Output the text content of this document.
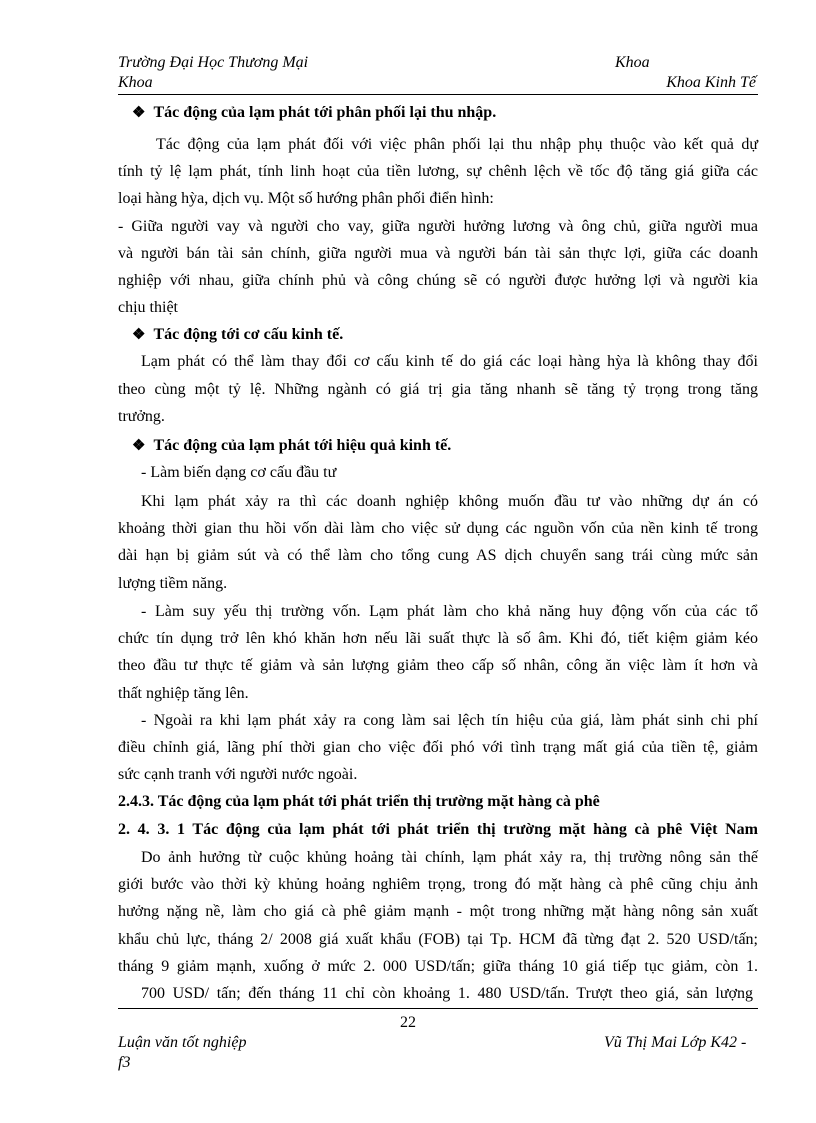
Trường Đại Học Thương Mại	Khoa
Khoa	Khoa Kinh Tế
❖ Tác động của lạm phát tới phân phối lại thu nhập.
Tác động của lạm phát đối với việc phân phối lại thu nhập phụ thuộc vào kết quả dự
tính tỷ lệ lạm phát, tính linh hoạt của tiền lương, sự chênh lệch về tốc độ tăng giá giữa các
loại hàng hỳa, dịch vụ. Một số hướng phân phối điển hình:
- Giữa người vay và người cho vay, giữa người hưởng lương và ông chủ, giữa người mua
và người bán tài sản chính, giữa người mua và người bán tài sản thực lợi, giữa các doanh
nghiệp với nhau, giữa chính phủ và công chúng sẽ có người được hưởng lợi và người kia
chịu thiệt
❖ Tác động tới cơ cấu kinh tế.
Lạm phát có thể làm thay đổi cơ cấu kinh tế do giá các loại hàng hỳa là không thay đổi
theo cùng một tỷ lệ. Những ngành có giá trị gia tăng nhanh sẽ tăng tỷ trọng trong tăng
trưởng.
❖ Tác động của lạm phát tới hiệu quả kinh tế.
- Làm biến dạng cơ cấu đầu tư
Khi lạm phát xảy ra thì các doanh nghiệp không muốn đầu tư vào những dự án có
khoảng thời gian thu hồi vốn dài làm cho việc sử dụng các nguồn vốn của nền kinh tế trong
dài hạn bị giảm sút và có thể làm cho tổng cung AS dịch chuyển sang trái cùng mức sản
lượng tiềm năng.
- Làm suy yếu thị trường vốn. Lạm phát làm cho khả năng huy động vốn của các tổ
chức tín dụng trở lên khó khăn hơn nếu lãi suất thực là số âm. Khi đó, tiết kiệm giảm kéo
theo đầu tư thực tế giảm và sản lượng giảm theo cấp số nhân, công ăn việc làm ít hơn và
thất nghiệp tăng lên.
- Ngoài ra khi lạm phát xảy ra cong làm sai lệch tín hiệu của giá, làm phát sinh chi phí
điều chỉnh giá, lãng phí thời gian cho việc đối phó với tình trạng mất giá của tiền tệ, giảm
sức cạnh tranh với người nước ngoài.
2.4.3. Tác động của lạm phát tới phát triển thị trường mặt hàng cà phê
2. 4. 3. 1 Tác động của lạm phát tới phát triển thị trường mặt hàng cà phê Việt Nam
Do ảnh hưởng từ cuộc khủng hoảng tài chính, lạm phát xảy ra, thị trường nông sản thế
giới bước vào thời kỳ khủng hoảng nghiêm trọng, trong đó mặt hàng cà phê cũng chịu ảnh
hưởng nặng nề, làm cho giá cà phê giảm mạnh - một trong những mặt hàng nông sản xuất
khẩu chủ lực, tháng 2/ 2008 giá xuất khẩu (FOB) tại Tp. HCM đã từng đạt 2. 520 USD/tấn;
tháng 9 giảm mạnh, xuống ở mức 2. 000 USD/tấn; giữa tháng 10 giá tiếp tục giảm, còn 1.
700 USD/ tấn; đến tháng 11 chỉ còn khoảng 1. 480 USD/tấn. Trượt theo giá, sản lượng
22
Luận văn tốt nghiệp	Vũ Thị Mai Lớp K42 -
f3
